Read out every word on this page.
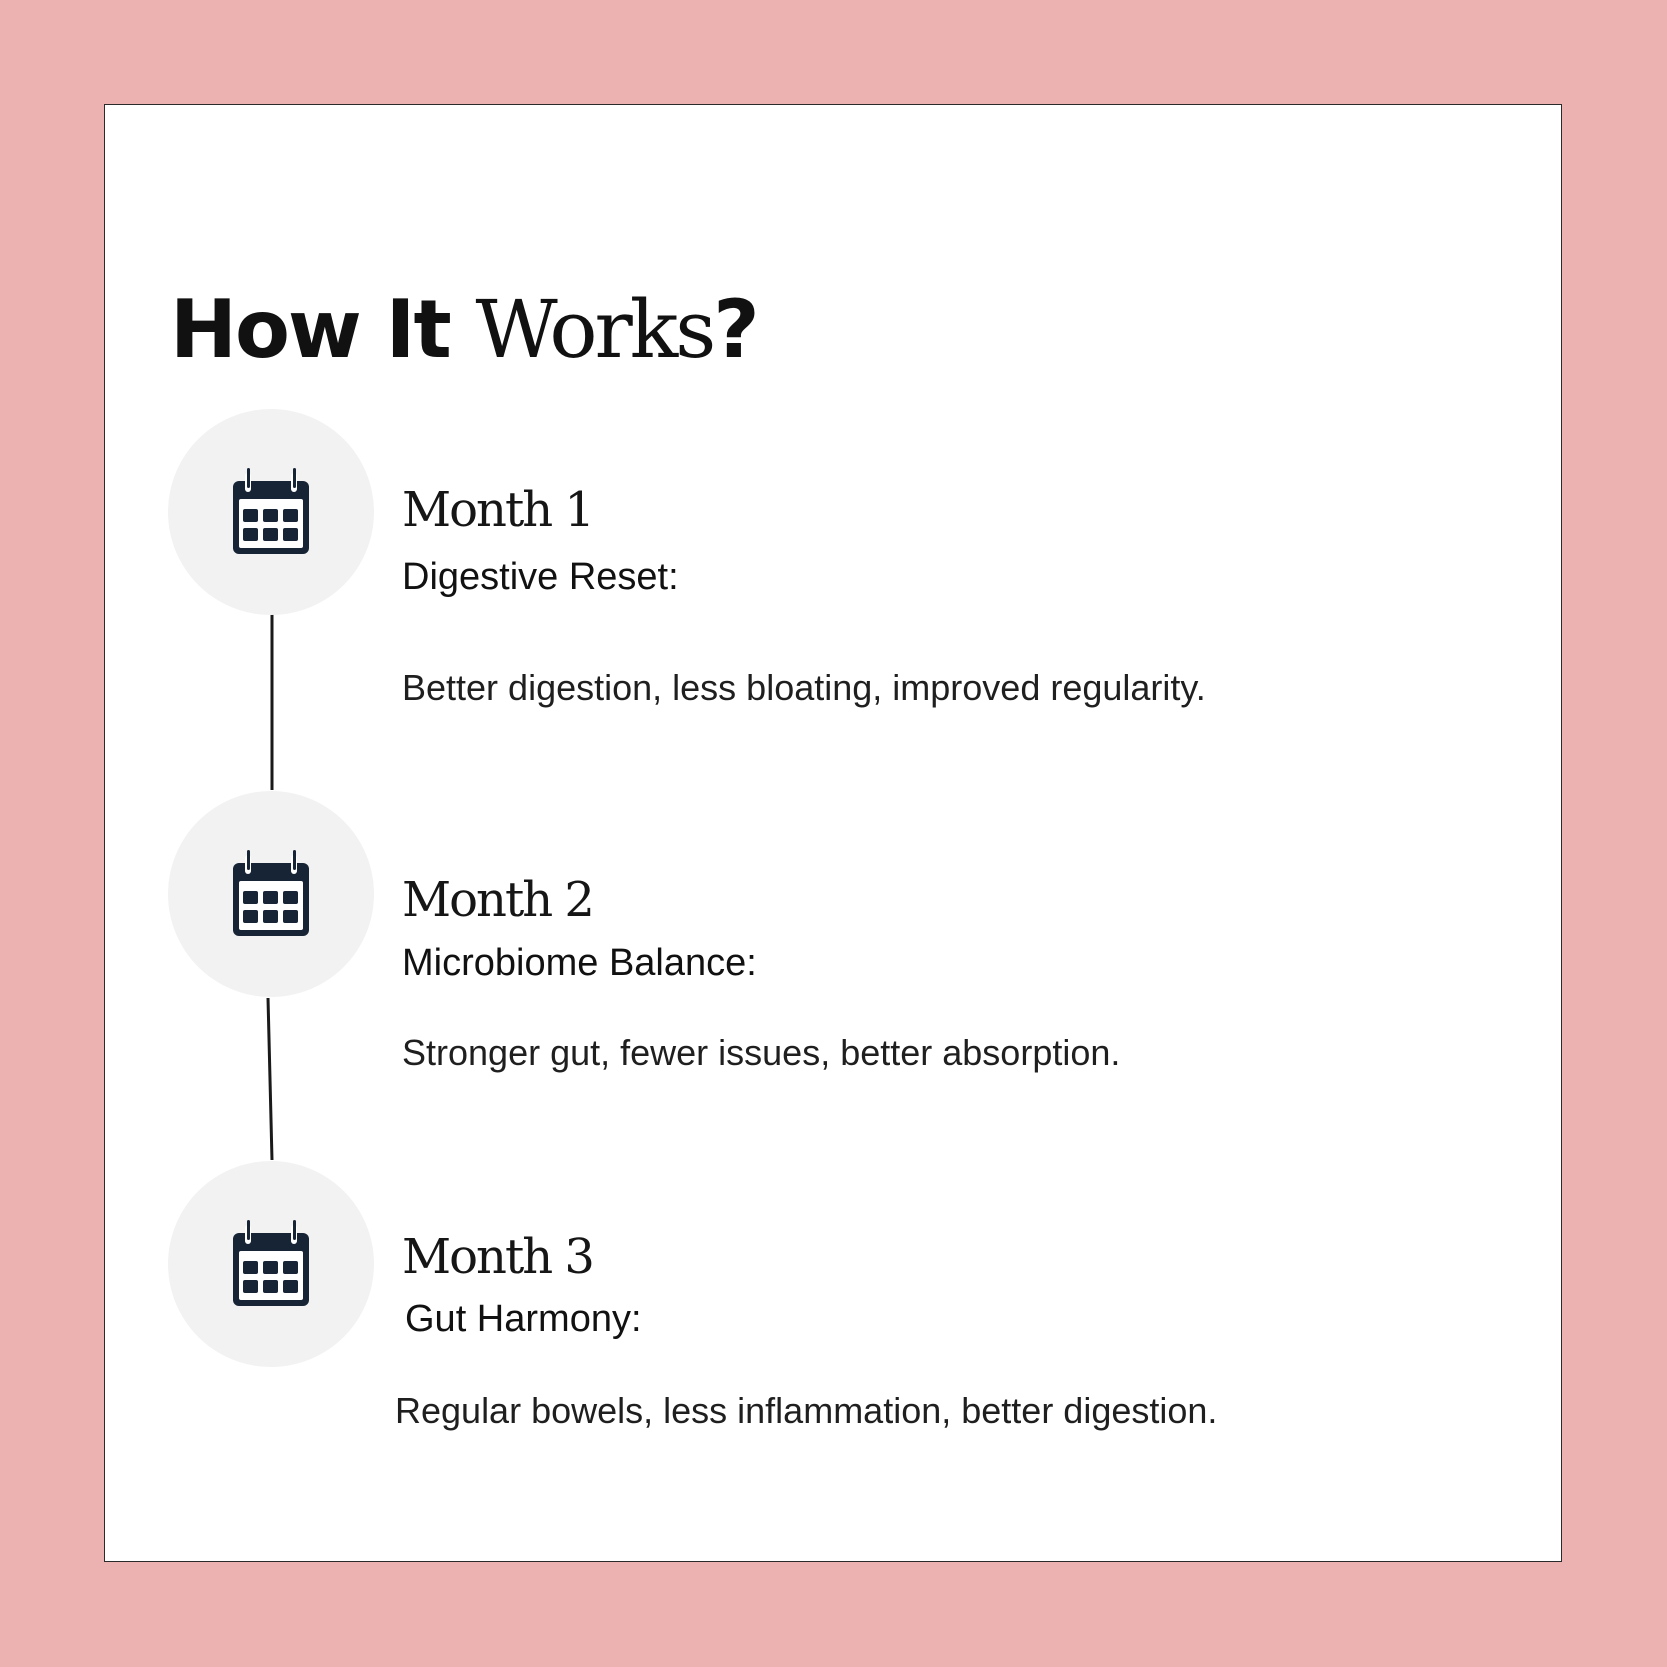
How It Works?
Month 1
Digestive Reset:
Better digestion, less bloating, improved regularity.
Month 2
Microbiome Balance:
Stronger gut, fewer issues, better absorption.
Month 3
Gut Harmony:
Regular bowels, less inflammation, better digestion.
